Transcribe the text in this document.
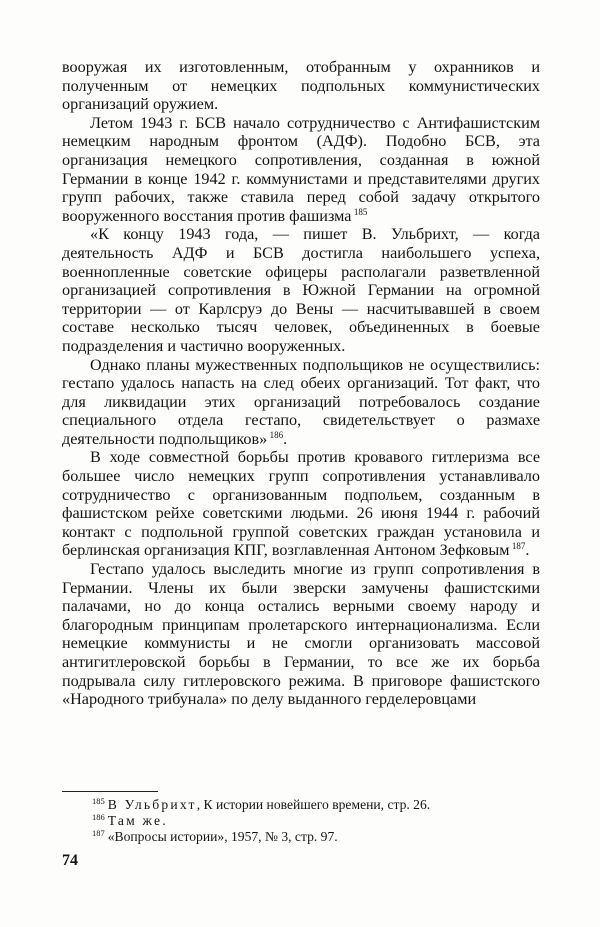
вооружая их изготовленным, отобранным у охранников и полученным от немецких подпольных коммунистических организаций оружием.

Летом 1943 г. БСВ начало сотрудничество с Антифашистским немецким народным фронтом (АДФ). Подобно БСВ, эта организация немецкого сопротивления, созданная в южной Германии в конце 1942 г. коммунистами и представителями других групп рабочих, также ставила перед собой задачу открытого вооруженного восстания против фашизма  $^{185}$

«К концу 1943 года, — пишет В. Ульбрихт, — когда деятельность АДФ и БСВ достигла наибольшего успеха, военнопленные советские офицеры располагали разветвленной организацией сопротивления в Южной Германии на огромной территории — от Карлсруэ до Вены — насчитывавшей в своем составе несколько тысяч человек, объединенных в боевые подразделения и частично вооруженных.

Однако планы мужественных подпольщиков не осуществились: гестапо удалось напасть на след обеих организаций. Тот факт, что для ликвидации этих организаций потребовалось создание специального отдела гестапо, свидетельствует о размахе деятельности подпольщиков»  $^{186}$.

В ходе совместной борьбы против кровавого гитлеризма все большее число немецких групп сопротивления устанавливало сотрудничество с организованным подпольем, созданным в фашистском рейхе советскими людьми. 26 июня 1944 г. рабочий контакт с подпольной группой советских граждан установила и берлинская организация КПГ, возглавленная Антоном Зефковым  $^{187}$.

Гестапо удалось выследить многие из групп сопротивления в Германии. Члены их были зверски замучены фашистскими палачами, но до конца остались верными своему народу и благородным принципам пролетарского интернационализма. Если немецкие коммунисты и не смогли организовать массовой антигитлеровской борьбы в Германии, то все же их борьба подрывала силу гитлеровского режима. В приговоре фашистского «Народного трибунала» по делу выданного герделеровцами

$^{185}$ В Ульбрихт, К истории новейшего времени, стр. 26.
$^{186}$ Там же.
$^{187}$ «Вопросы истории», 1957, № 3, стр. 97.
74
